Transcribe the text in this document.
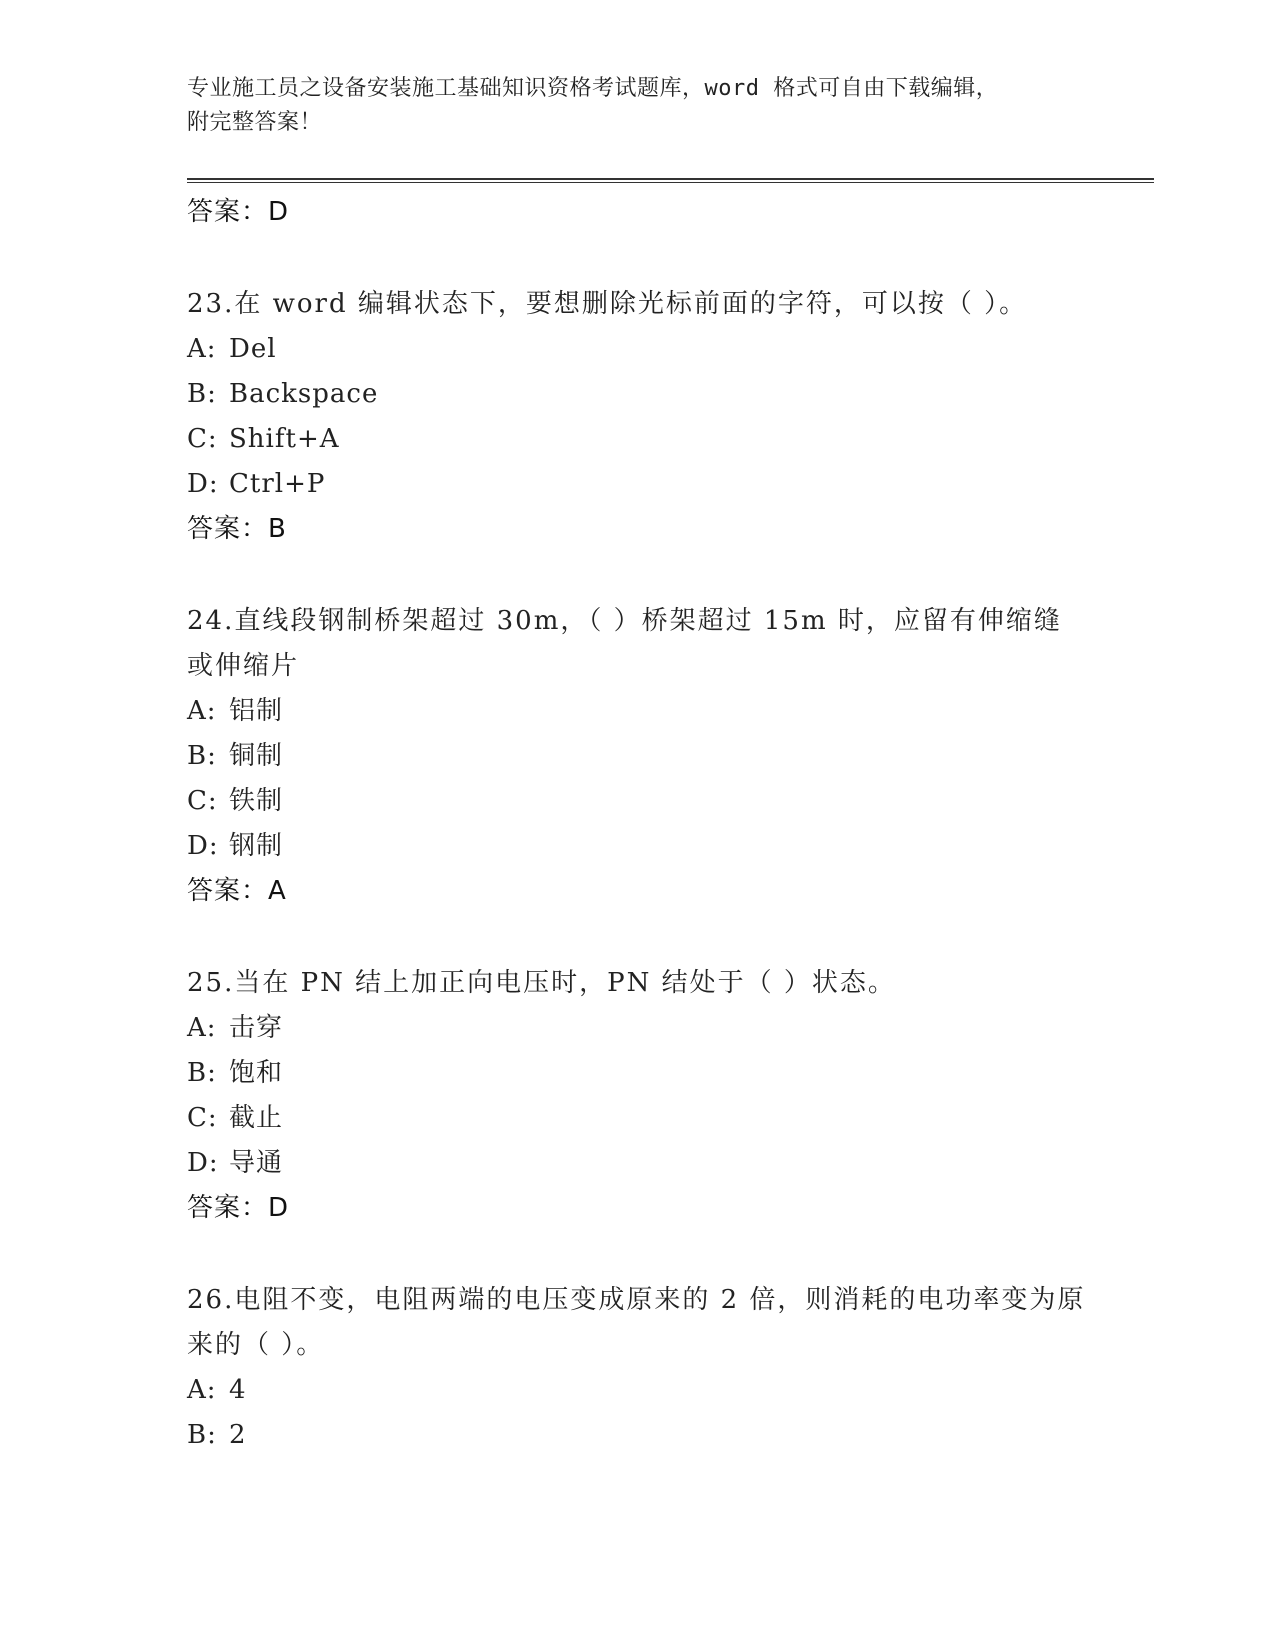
专业施工员之设备安装施工基础知识资格考试题库，word 格式可自由下载编辑，
附完整答案！
答案：D
23.在 word 编辑状态下，要想删除光标前面的字符，可以按（ ）。
A: Del
B: Backspace
C: Shift+A
D: Ctrl+P
答案：B
24.直线段钢制桥架超过 30m，（ ）桥架超过 15m 时，应留有伸缩缝或伸缩片
A: 铝制
B: 铜制
C: 铁制
D: 钢制
答案：A
25.当在 PN 结上加正向电压时，PN 结处于（ ）状态。
A: 击穿
B: 饱和
C: 截止
D: 导通
答案：D
26.电阻不变，电阻两端的电压变成原来的 2 倍，则消耗的电功率变为原来的（ ）。
A: 4
B: 2
